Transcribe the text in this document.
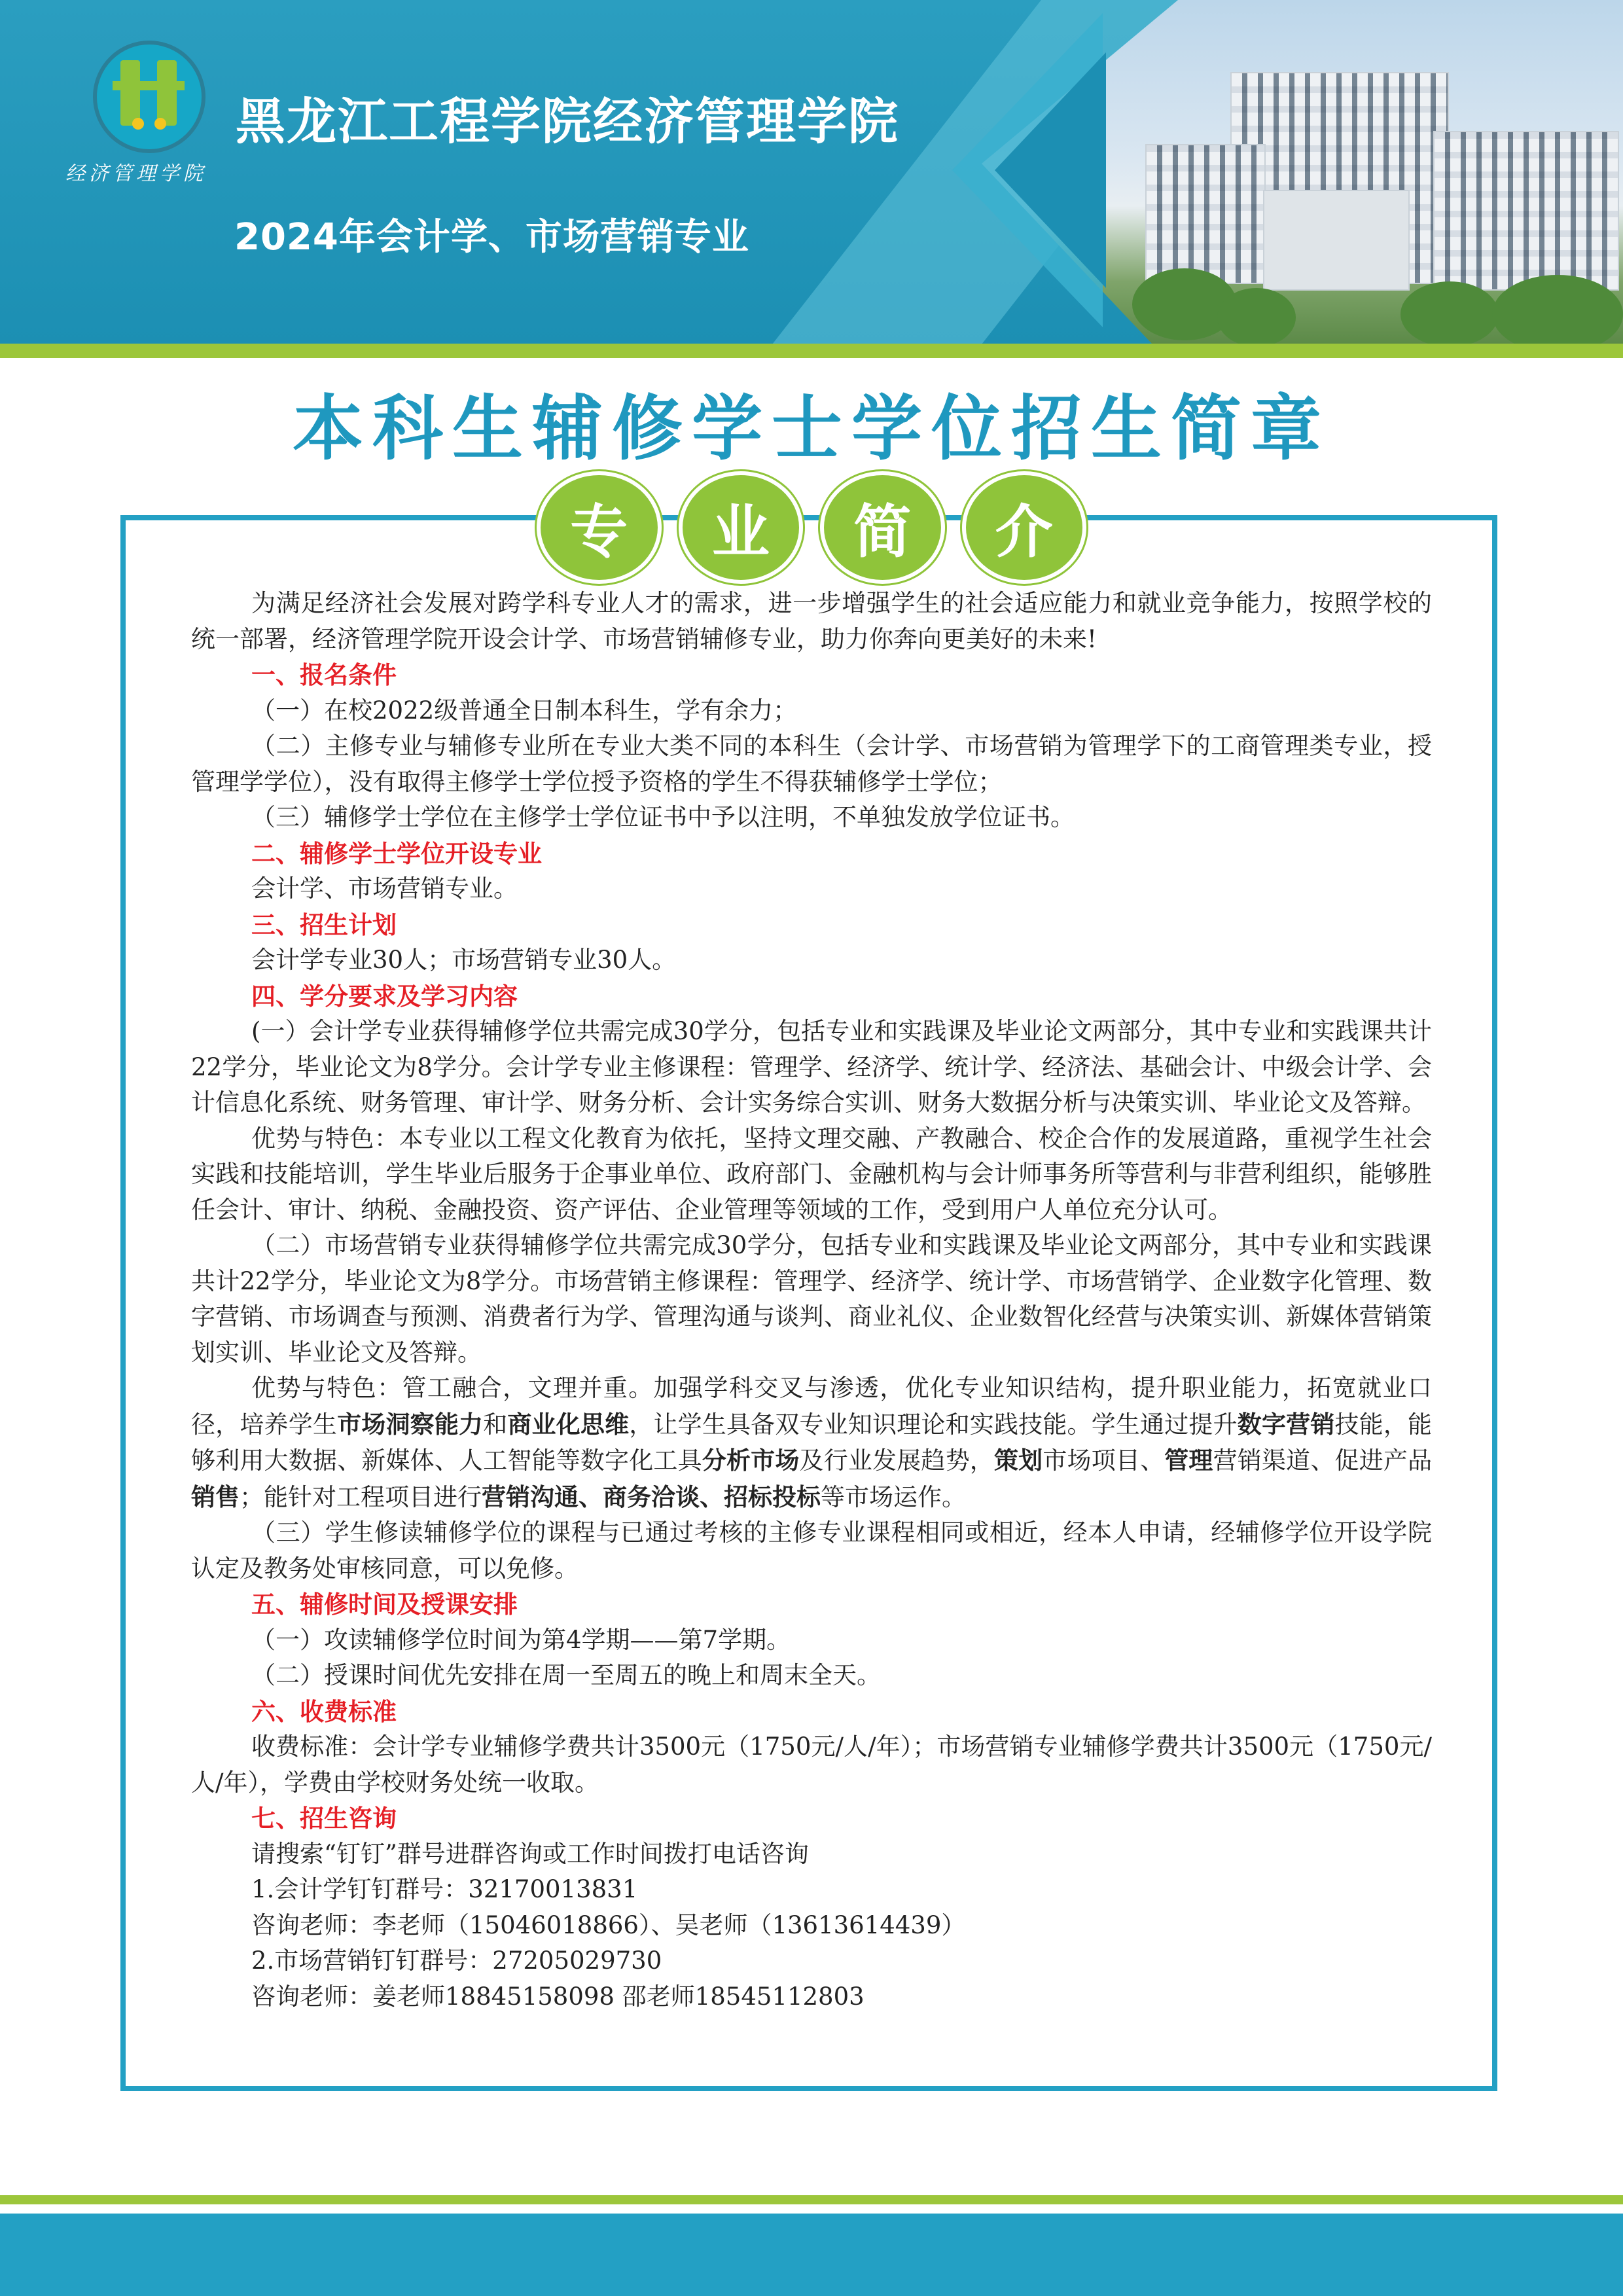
经济管理学院
黑龙江工程学院经济管理学院
2024年会计学、市场营销专业
本科生辅修学士学位招生简章
专	业	简	介

为满足经济社会发展对跨学科专业人才的需求，进一步增强学生的社会适应能力和就业竞争能力，按照学校的统一部署，经济管理学院开设会计学、市场营销辅修专业，助力你奔向更美好的未来!

一、报名条件

（一）在校2022级普通全日制本科生，学有余力；

（二）主修专业与辅修专业所在专业大类不同的本科生（会计学、市场营销为管理学下的工商管理类专业，授管理学学位），没有取得主修学士学位授予资格的学生不得获辅修学士学位；

（三）辅修学士学位在主修学士学位证书中予以注明，不单独发放学位证书。

二、辅修学士学位开设专业

会计学、市场营销专业。

三、招生计划

会计学专业30人；市场营销专业30人。

四、学分要求及学习内容

(一）会计学专业获得辅修学位共需完成30学分，包括专业和实践课及毕业论文两部分，其中专业和实践课共计22学分，毕业论文为8学分。会计学专业主修课程：管理学、经济学、统计学、经济法、基础会计、中级会计学、会计信息化系统、财务管理、审计学、财务分析、会计实务综合实训、财务大数据分析与决策实训、毕业论文及答辩。

优势与特色：本专业以工程文化教育为依托，坚持文理交融、产教融合、校企合作的发展道路，重视学生社会实践和技能培训，学生毕业后服务于企事业单位、政府部门、金融机构与会计师事务所等营利与非营利组织，能够胜任会计、审计、纳税、金融投资、资产评估、企业管理等领域的工作，受到用户人单位充分认可。

（二）市场营销专业获得辅修学位共需完成30学分，包括专业和实践课及毕业论文两部分，其中专业和实践课共计22学分，毕业论文为8学分。市场营销主修课程：管理学、经济学、统计学、市场营销学、企业数字化管理、数字营销、市场调查与预测、消费者行为学、管理沟通与谈判、商业礼仪、企业数智化经营与决策实训、新媒体营销策划实训、毕业论文及答辩。

优势与特色：管工融合，文理并重。加强学科交叉与渗透，优化专业知识结构，提升职业能力，拓宽就业口径，培养学生市场洞察能力和商业化思维，让学生具备双专业知识理论和实践技能。学生通过提升数字营销技能，能够利用大数据、新媒体、人工智能等数字化工具分析市场及行业发展趋势，策划市场项目、管理营销渠道、促进产品销售；能针对工程项目进行营销沟通、商务洽谈、招标投标等市场运作。

（三）学生修读辅修学位的课程与已通过考核的主修专业课程相同或相近，经本人申请，经辅修学位开设学院认定及教务处审核同意，可以免修。

五、辅修时间及授课安排

（一）攻读辅修学位时间为第4学期——第7学期。

（二）授课时间优先安排在周一至周五的晚上和周末全天。

六、收费标准

收费标准：会计学专业辅修学费共计3500元（1750元/人/年）；市场营销专业辅修学费共计3500元（1750元/人/年），学费由学校财务处统一收取。

七、招生咨询

请搜索“钉钉”群号进群咨询或工作时间拨打电话咨询

1.会计学钉钉群号：32170013831

咨询老师：李老师（15046018866）、吴老师（13613614439）

2.市场营销钉钉群号：27205029730

咨询老师：姜老师18845158098 邵老师18545112803
